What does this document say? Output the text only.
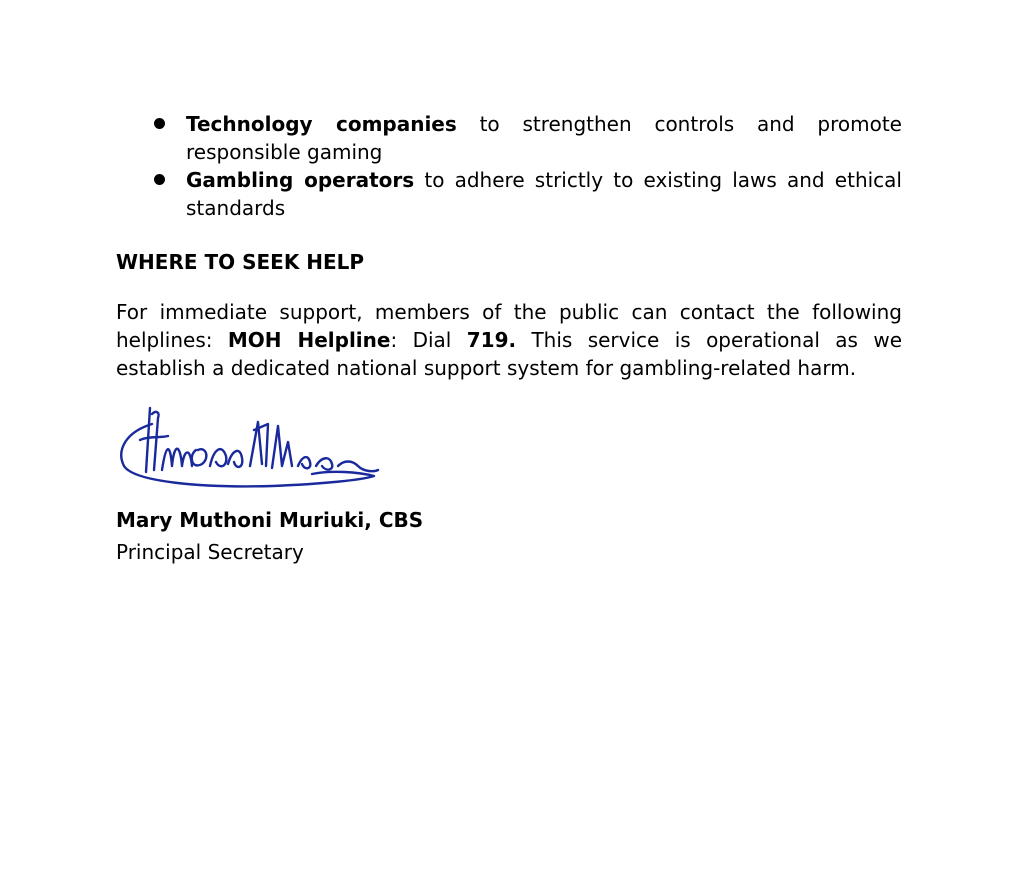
Technology companies to strengthen controls and promote responsible gaming
Gambling operators to adhere strictly to existing laws and ethical standards
WHERE TO SEEK HELP

For immediate support, members of the public can contact the following helplines: MOH Helpline: Dial 719. This service is operational as we establish a dedicated national support system for gambling-related harm.

Mary Muthoni Muriuki, CBS
Principal Secretary
